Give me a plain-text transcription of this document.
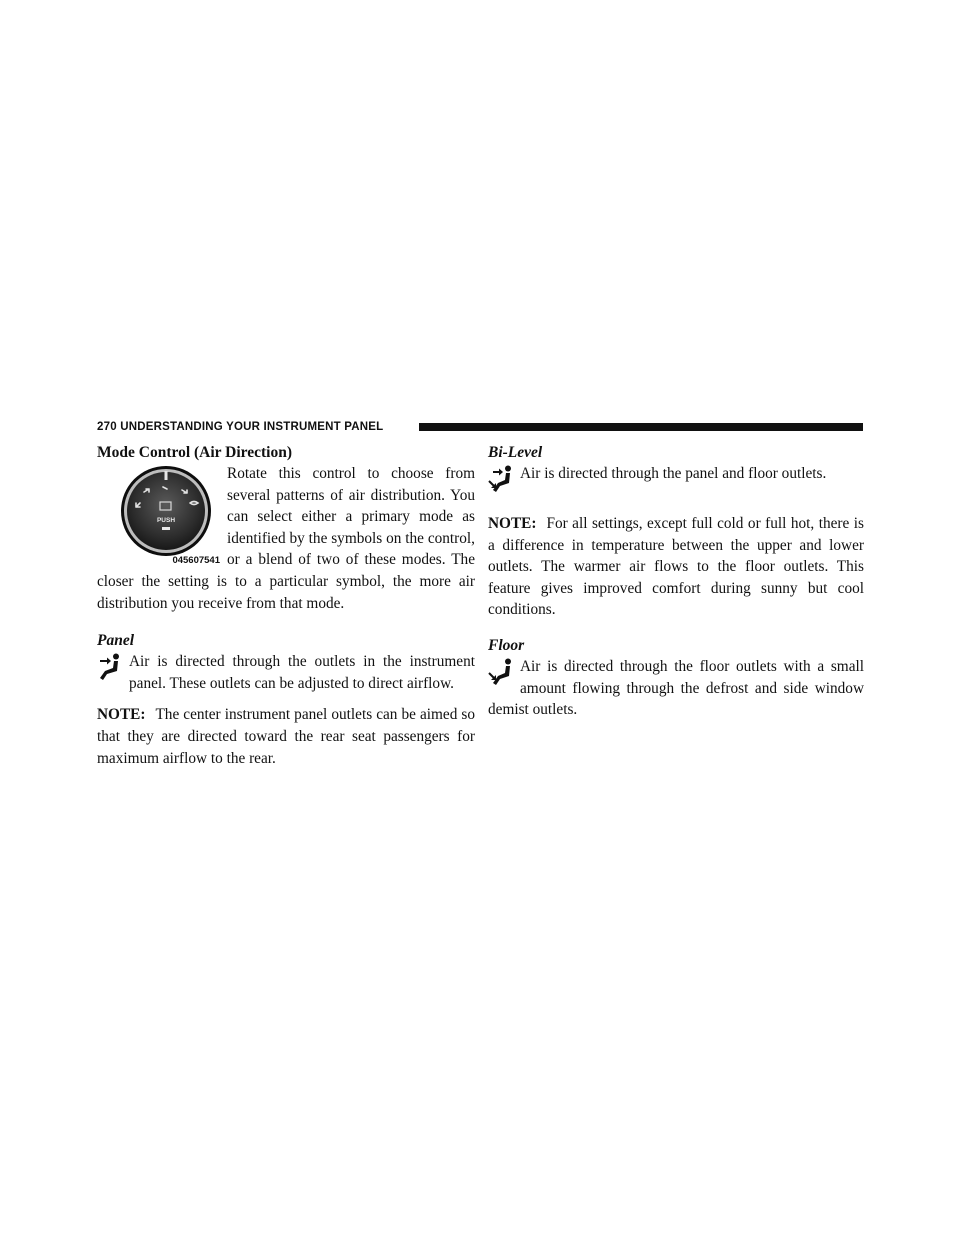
270 UNDERSTANDING YOUR INSTRUMENT PANEL
Mode Control (Air Direction)
PUSH
045607541

Rotate this control to choose from several patterns of air distribution. You can select either a primary mode as identified by the symbols on the control, or a blend of two of these modes. The closer the setting is to a particular symbol, the more air distribution you receive from that mode.

Panel

Air is directed through the outlets in the instrument panel. These outlets can be adjusted to direct airflow.

NOTE: The center instrument panel outlets can be aimed so that they are directed toward the rear seat passengers for maximum airflow to the rear.

Bi-Level

Air is directed through the panel and floor outlets.

NOTE: For all settings, except full cold or full hot, there is a difference in temperature between the upper and lower outlets. The warmer air flows to the floor outlets. This feature gives improved comfort during sunny but cool conditions.

Floor

Air is directed through the floor outlets with a small amount flowing through the defrost and side window demist outlets.
